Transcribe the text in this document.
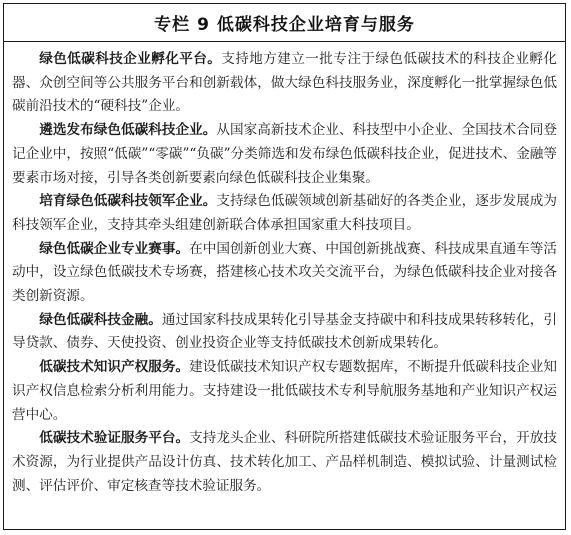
专栏 9 低碳科技企业培育与服务

绿色低碳科技企业孵化平台。支持地方建立一批专注于绿色低碳技术的科技企业孵化器、众创空间等公共服务平台和创新载体，做大绿色科技服务业，深度孵化一批掌握绿色低碳前沿技术的“硬科技”企业。

遴选发布绿色低碳科技企业。从国家高新技术企业、科技型中小企业、全国技术合同登记企业中，按照“低碳”“零碳”“负碳”分类筛选和发布绿色低碳科技企业，促进技术、金融等要素市场对接，引导各类创新要素向绿色低碳科技企业集聚。

培育绿色低碳科技领军企业。支持绿色低碳领域创新基础好的各类企业，逐步发展成为科技领军企业，支持其牵头组建创新联合体承担国家重大科技项目。

绿色低碳企业专业赛事。在中国创新创业大赛、中国创新挑战赛、科技成果直通车等活动中，设立绿色低碳技术专场赛，搭建核心技术攻关交流平台，为绿色低碳科技企业对接各类创新资源。

绿色低碳科技金融。通过国家科技成果转化引导基金支持碳中和科技成果转移转化，引导贷款、债券、天使投资、创业投资企业等支持低碳技术创新成果转化。

低碳技术知识产权服务。建设低碳技术知识产权专题数据库，不断提升低碳科技企业知识产权信息检索分析利用能力。支持建设一批低碳技术专利导航服务基地和产业知识产权运营中心。

低碳技术验证服务平台。支持龙头企业、科研院所搭建低碳技术验证服务平台，开放技术资源，为行业提供产品设计仿真、技术转化加工、产品样机制造、模拟试验、计量测试检测、评估评价、审定核查等技术验证服务。
